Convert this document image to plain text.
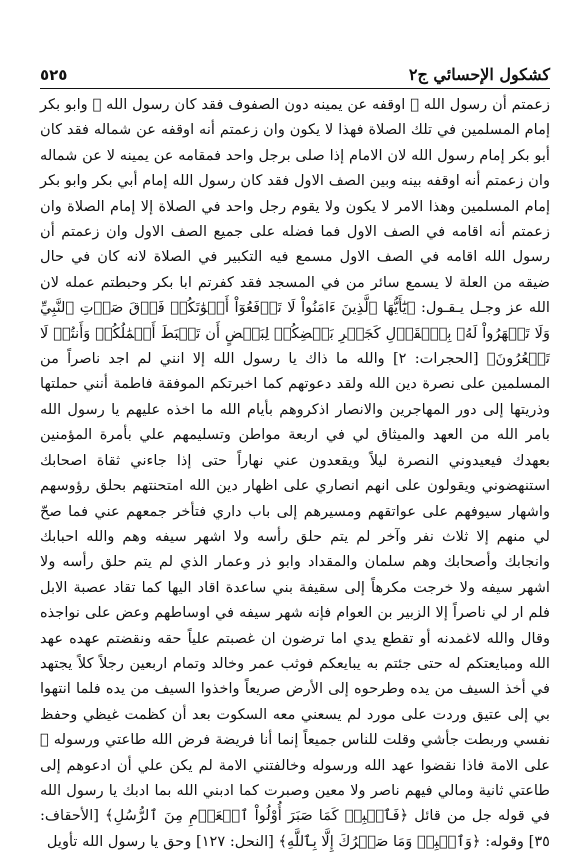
٥٢٥	كشكول الإحسائي ج٢

زعمتم أن رسول الله ﷺ اوقفه عن يمينه دون الصفوف فقد كان رسول الله ﷺ وابو بكر إمام المسلمين في تلك الصلاة فهذا لا يكون وان زعمتم أنه اوقفه عن شماله فقد كان أبو بكر إمام رسول الله لان الامام إذا صلى برجل واحد فمقامه عن يمينه لا عن شماله وان زعمتم أنه اوقفه بينه وبين الصف الاول فقد كان رسول الله إمام أبي بكر وابو بكر إمام المسلمين وهذا الامر لا يكون ولا يقوم رجل واحد في الصلاة إلا إمام الصلاة وان زعمتم أنه اقامه في الصف الاول فما فضله على جميع الصف الاول وان زعمتم أن رسول الله اقامه في الصف الاول مسمع فيه التكبير في الصلاة لانه كان في حال ضيقه من العلة لا يسمع سائر من في المسجد فقد كفرتم ابا بكر وحبطتم عمله لان الله عز وجـل يـقـول: ﴿يَٰٓأَيُّهَا ٱلَّذِينَ ءَامَنُواْ لَا تَرۡفَعُوٓاْ أَصۡوَٰتَكُمۡ فَوۡقَ صَوۡتِ ٱلنَّبِيِّ وَلَا تَجۡهَرُواْ لَهُۥ بِٱلۡقَوۡلِ كَجَهۡرِ بَعۡضِكُمۡ لِبَعۡضٍ أَن تَحۡبَطَ أَعۡمَٰلُكُمۡ وَأَنتُمۡ لَا تَشۡعُرُونَ﴾ [الحجرات: ٢] والله ما ذاك يا رسول الله إلا انني لم اجد ناصراً من المسلمين على نصرة دين الله ولقد دعوتهم كما اخبرتكم الموفقة فاطمة أنني حملتها وذريتها إلى دور المهاجرين والانصار اذكروهم بأيام الله ما اخذه عليهم يا رسول الله بامر الله من العهد والميثاق لي في اربعة مواطن وتسليمهم علي بأمرة المؤمنين بعهدك فيعيدوني النصرة ليلاً ويقعدون عني نهاراً حتى إذا جاءني ثقاة اصحابك استنهضوني ويقولون على انهم انصاري على اظهار دين الله امتحنتهم بحلق رؤوسهم واشهار سيوفهم على عواتقهم ومسيرهم إلى باب داري فتأخر جمعهم عني فما صحّ لي منهم إلا ثلاث نفر وآخر لم يتم حلق رأسه ولا اشهر سيفه وهم والله احبابك وانجابك وأصحابك وهم سلمان والمقداد وابو ذر وعمار الذي لم يتم حلق رأسه ولا اشهر سيفه ولا خرجت مكرهاً إلى سقيفة بني ساعدة اقاد اليها كما تقاد عصبة الابل فلم ار لي ناصراً إلا الزبير بن العوام فإنه شهر سيفه في اوساطهم وعض على نواجذه وقال والله لاغمدنه أو تقطع يدي اما ترضون ان غصبتم علياً حقه ونقضتم عهده عهد الله ومبايعتكم له حتى جئتم به يبايعكم فوثب عمر وخالد وتمام اربعين رجلاً كلاً يجتهد في أخذ السيف من يده وطرحوه إلى الأرض صريعاً واخذوا السيف من يده فلما انتهوا بي إلى عتيق وردت على مورد لم يسعني معه السكوت بعد أن كظمت غيظي وحفظ نفسي وربطت جأشي وقلت للناس جميعاً إنما أنا فريضة فرض الله طاعتي ورسوله ﷺ على الامة فاذا نقضوا عهد الله ورسوله وخالفتني الامة لم يكن علي أن ادعوهم إلى طاعتي ثانية ومالي فيهم ناصر ولا معين وصبرت كما ادبني الله بما ادبك يا رسول الله في قوله جل من قائل ﴿فَٱصۡبِرۡ كَمَا صَبَرَ أُوْلُواْ ٱلۡعَزۡمِ مِنَ ٱلرُّسُلِ﴾ [الأحقاف: ٣٥] وقوله: ﴿وَٱصۡبِرۡ وَمَا صَبۡرُكَ إِلَّا بِٱللَّهِ﴾ [النحل: ١٢٧] وحق يا رسول الله تأويل
